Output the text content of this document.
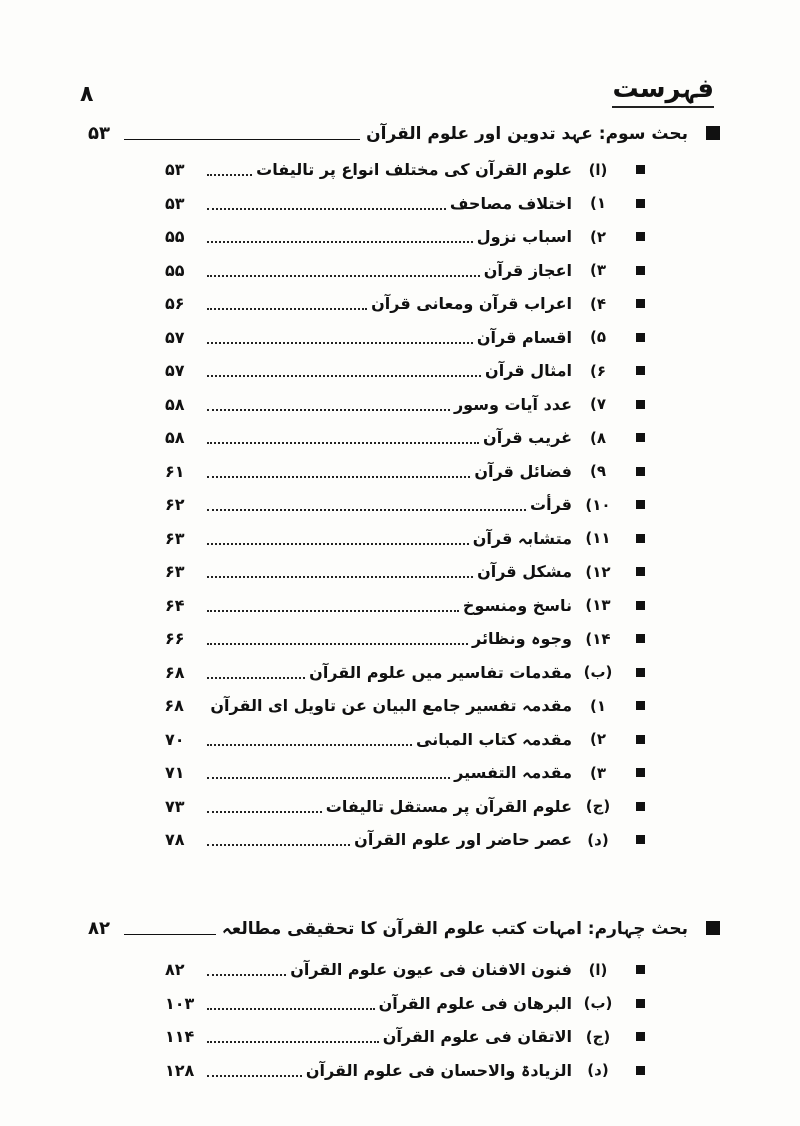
فہرست
۸
بحث سوم: عہد تدوین اور علوم القرآن
۵۳
(ا)
علوم القرآن کی مختلف انواع پر تالیفات
۵۳
۱)
اختلاف مصاحف
۵۳
۲)
اسباب نزول
۵۵
۳)
اعجاز قرآن
۵۵
۴)
اعراب قرآن ومعانی قرآن
۵۶
۵)
اقسام قرآن
۵۷
۶)
امثال قرآن
۵۷
۷)
عدد آیات وسور
۵۸
۸)
غریب قرآن
۵۸
۹)
فضائل قرآن
۶۱
۱۰)
قرأت
۶۲
۱۱)
متشابہ قرآن
۶۳
۱۲)
مشکل قرآن
۶۳
۱۳)
ناسخ ومنسوخ
۶۴
۱۴)
وجوہ ونظائر
۶۶
(ب)
مقدمات تفاسیر میں علوم القرآن
۶۸
۱)
مقدمہ تفسیر جامع البیان عن تاویل ای القرآن
۶۸
۲)
مقدمہ کتاب المبانی
۷۰
۳)
مقدمہ التفسیر
۷۱
(ج)
علوم القرآن پر مستقل تالیفات
۷۳
(د)
عصر حاضر اور علوم القرآن
۷۸
بحث چہارم: امہات کتب علوم القرآن کا تحقیقی مطالعہ
۸۲
(ا)
فنون الافنان فی عیون علوم القرآن
۸۲
(ب)
البرھان فی علوم القرآن
۱۰۳
(ج)
الاتقان فی علوم القرآن
۱۱۴
(د)
الزیادۃ والاحسان فی علوم القرآن
۱۲۸
